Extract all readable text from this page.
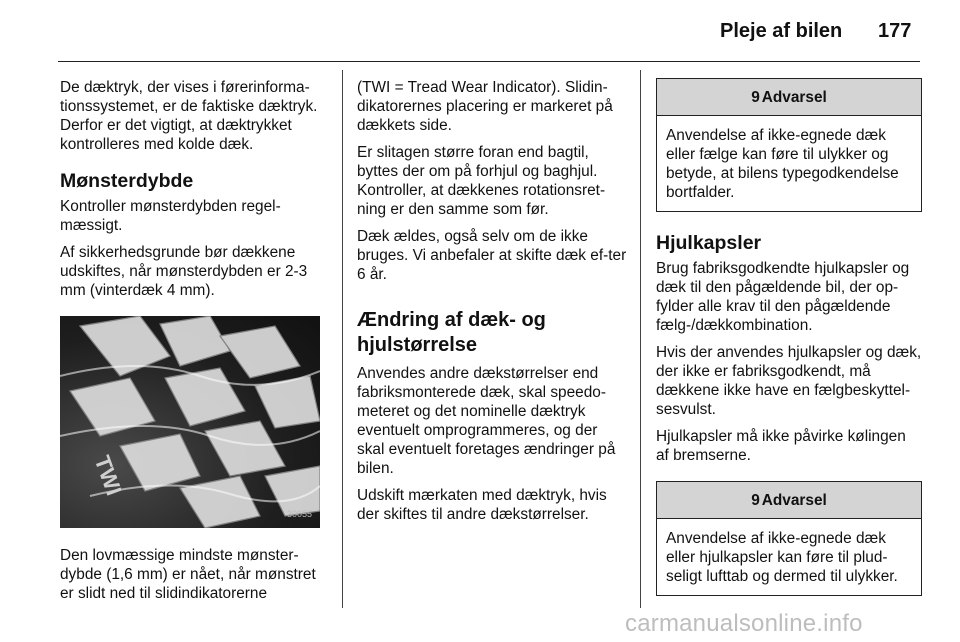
Pleje af bilen 177

De dæktryk, der vises i førerinforma-tionssystemet, er de faktiske dæktryk. Derfor er det vigtigt, at dæktrykket kontrolleres med kolde dæk.

Mønsterdybde

Kontroller mønsterdybden regel-mæssigt.

Af sikkerhedsgrunde bør dækkene udskiftes, når mønsterdybden er 2-3 mm (vinterdæk 4 mm).

TWI
30055

Den lovmæssige mindste mønster-dybde (1,6 mm) er nået, når mønstret er slidt ned til slidindikatorerne

(TWI = Tread Wear Indicator). Slidin-dikatorernes placering er markeret på dækkets side.

Er slitagen større foran end bagtil, byttes der om på forhjul og baghjul. Kontroller, at dækkenes rotationsret-ning er den samme som før.

Dæk ældes, også selv om de ikke bruges. Vi anbefaler at skifte dæk ef-ter 6 år.

Ændring af dæk- og hjulstørrelse

Anvendes andre dækstørrelser end fabriksmonterede dæk, skal speedo-meteret og det nominelle dæktryk eventuelt omprogrammeres, og der skal eventuelt foretages ændringer på bilen.

Udskift mærkaten med dæktryk, hvis der skiftes til andre dækstørrelser.

9 Advarsel
Anvendelse af ikke-egnede dæk eller fælge kan føre til ulykker og betyde, at bilens typegodkendelse bortfalder.
Hjulkapsler

Brug fabriksgodkendte hjulkapsler og dæk til den pågældende bil, der op-fylder alle krav til den pågældende fælg-/dækkombination.

Hvis der anvendes hjulkapsler og dæk, der ikke er fabriksgodkendt, må dækkene ikke have en fælgbeskyttel-sesvulst.

Hjulkapsler må ikke påvirke kølingen af bremserne.

9 Advarsel
Anvendelse af ikke-egnede dæk eller hjulkapsler kan føre til plud-seligt lufttab og dermed til ulykker.
carmanualsonline.info
